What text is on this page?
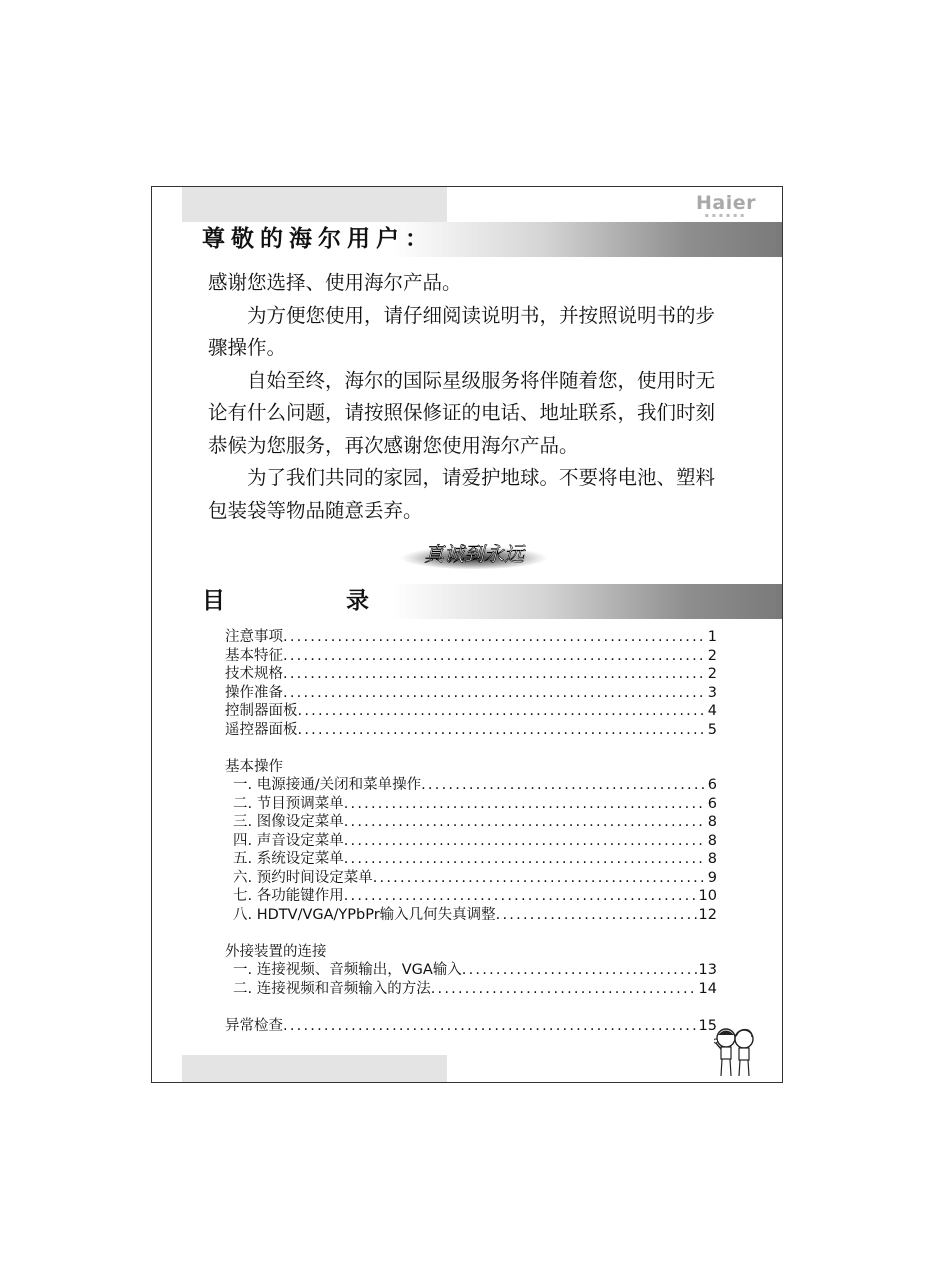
Haier
▪▪▪▪▪▪
尊敬的海尔用户：

感谢您选择、使用海尔产品。

为方便您使用，请仔细阅读说明书，并按照说明书的步骤操作。

自始至终，海尔的国际星级服务将伴随着您，使用时无论有什么问题，请按照保修证的电话、地址联系，我们时刻恭候为您服务，再次感谢您使用海尔产品。

为了我们共同的家园，请爱护地球。不要将电池、塑料包装袋等物品随意丢弃。

真诚到永远
目	录
注意事项 . . .	1
基本特征 . . .	2
技术规格 . . .	2
操作准备 . . .	3
控制器面板 . . .	4
遥控器面板 . . .	5
基本操作
一. 电源接通/关闭和菜单操作 . . .	6
二. 节目预调菜单 . . .	6
三. 图像设定菜单 . . .	8
四. 声音设定菜单 . . .	8
五. 系统设定菜单 . . .	8
六. 预约时间设定菜单 . . .	9
七. 各功能键作用 . . .	10
八. HDTV/VGA/YPbPr输入几何失真调整 . . .	12
外接装置的连接
一. 连接视频、音频输出，VGA输入 . . .	13
二. 连接视频和音频输入的方法 . . .	14
异常检查 . . .	15
